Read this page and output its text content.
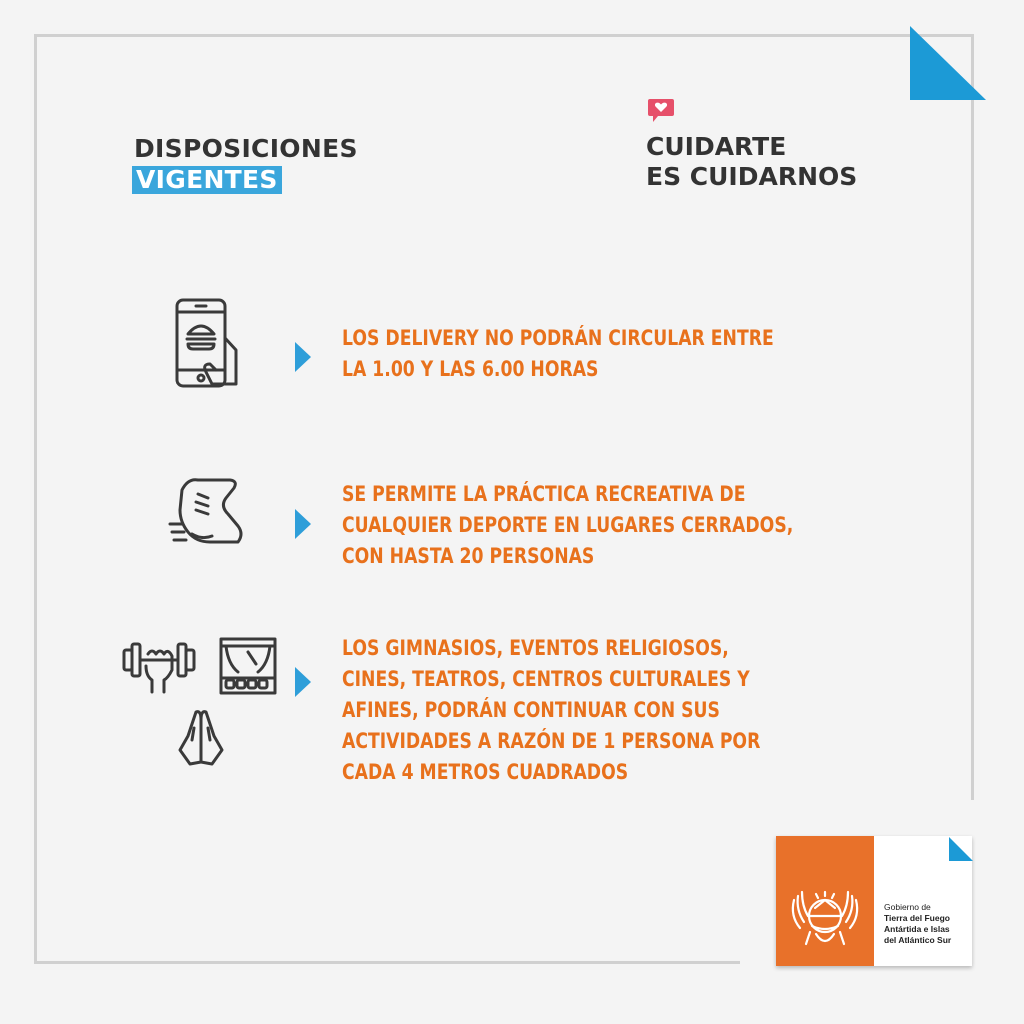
DISPOSICIONES
VIGENTES
CUIDARTE
ES CUIDARNOS
LOS DELIVERY NO PODRÁN CIRCULAR ENTRE
LA 1.00 Y LAS 6.00 HORAS
SE PERMITE LA PRÁCTICA RECREATIVA DE
CUALQUIER DEPORTE EN LUGARES CERRADOS,
CON HASTA 20 PERSONAS
LOS GIMNASIOS, EVENTOS RELIGIOSOS,
CINES, TEATROS, CENTROS CULTURALES Y
AFINES, PODRÁN CONTINUAR CON SUS
ACTIVIDADES A RAZÓN DE 1 PERSONA POR
CADA 4 METROS CUADRADOS
Gobierno de
Tierra del Fuego
Antártida e Islas
del Atlántico Sur
